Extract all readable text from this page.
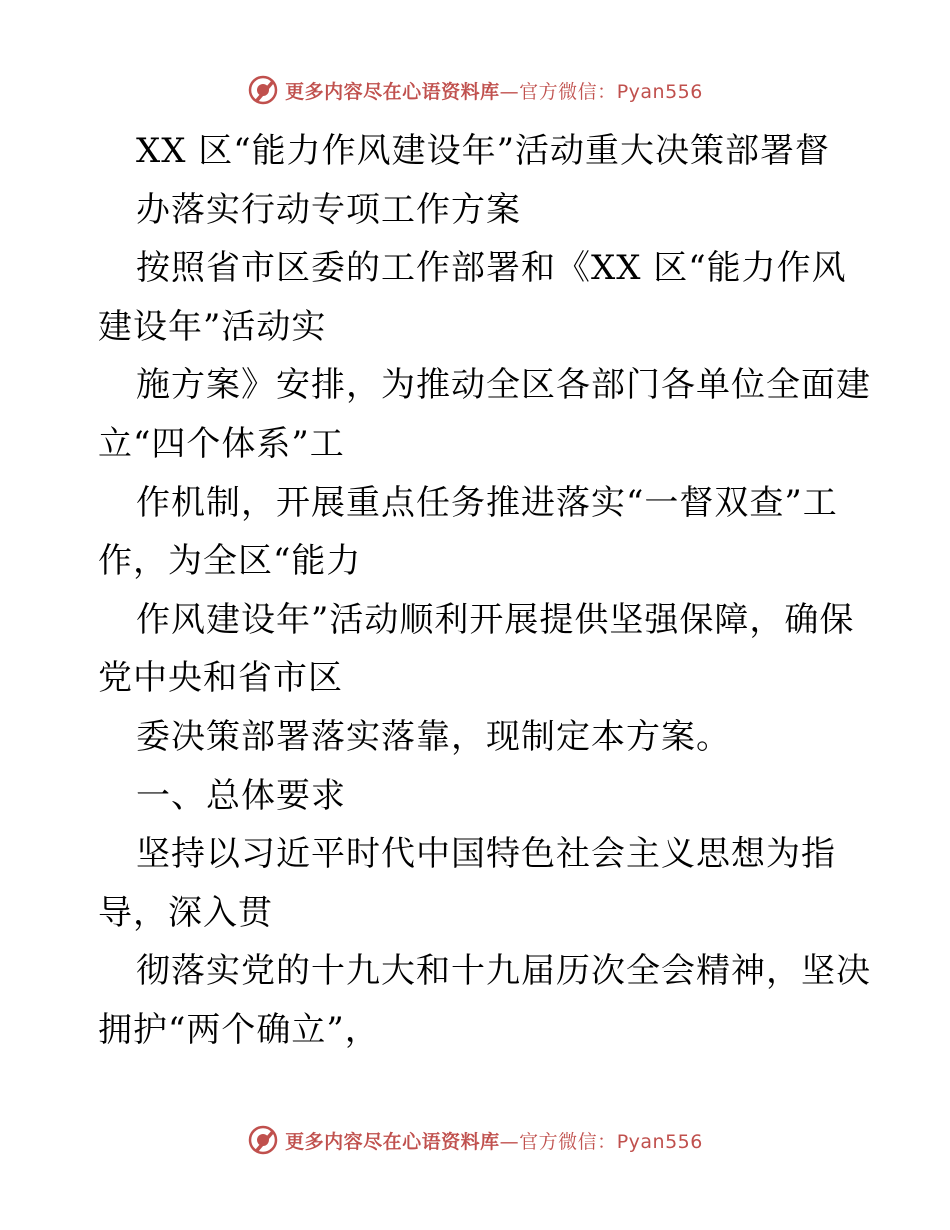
更多内容尽在心语资料库—官方微信：Pyan556
XX 区“能力作风建设年”活动重大决策部署督
办落实行动专项工作方案
按照省市区委的工作部署和《XX 区“能力作风
建设年”活动实
施方案》安排，为推动全区各部门各单位全面建
立“四个体系”工
作机制，开展重点任务推进落实“一督双查”工
作，为全区“能力
作风建设年”活动顺利开展提供坚强保障，确保
党中央和省市区
委决策部署落实落靠，现制定本方案。
一、总体要求
坚持以习近平时代中国特色社会主义思想为指
导，深入贯
彻落实党的十九大和十九届历次全会精神，坚决
拥护“两个确立”，
更多内容尽在心语资料库—官方微信：Pyan556
